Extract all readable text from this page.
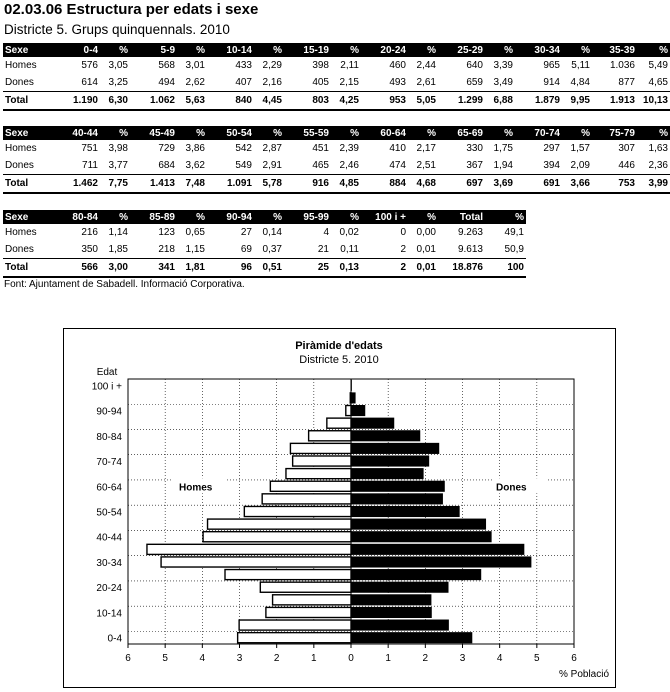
02.03.06 Estructura per edats i sexe
Districte 5. Grups quinquennals. 2010
Sexe	0-4	%	5-9	%	10-14	%	15-19	%	20-24	%	25-29	%	30-34	%	35-39	%
Homes	576	3,05	568	3,01	433	2,29	398	2,11	460	2,44	640	3,39	965	5,11	1.036	5,49
Dones	614	3,25	494	2,62	407	2,16	405	2,15	493	2,61	659	3,49	914	4,84	877	4,65
Total	1.190	6,30	1.062	5,63	840	4,45	803	4,25	953	5,05	1.299	6,88	1.879	9,95	1.913	10,13
Sexe	40-44	%	45-49	%	50-54	%	55-59	%	60-64	%	65-69	%	70-74	%	75-79	%
Homes	751	3,98	729	3,86	542	2,87	451	2,39	410	2,17	330	1,75	297	1,57	307	1,63
Dones	711	3,77	684	3,62	549	2,91	465	2,46	474	2,51	367	1,94	394	2,09	446	2,36
Total	1.462	7,75	1.413	7,48	1.091	5,78	916	4,85	884	4,68	697	3,69	691	3,66	753	3,99
Sexe	80-84	%	85-89	%	90-94	%	95-99	%	100 i +	%	Total	%
Homes	216	1,14	123	0,65	27	0,14	4	0,02	0	0,00	9.263	49,1
Dones	350	1,85	218	1,15	69	0,37	21	0,11	2	0,01	9.613	50,9
Total	566	3,00	341	1,81	96	0,51	25	0,13	2	0,01	18.876	100
Font: Ajuntament de Sabadell. Informació Corporativa.
Piràmide d'edats
Districte 5. 2010
6	5	4	3	2	1	0	1	2	3	4	5	6
0-4
10-14
20-24
30-34
40-44
50-54
60-64
70-74
80-84
90-94
100 i +
Edat
% Població
Homes	Dones
